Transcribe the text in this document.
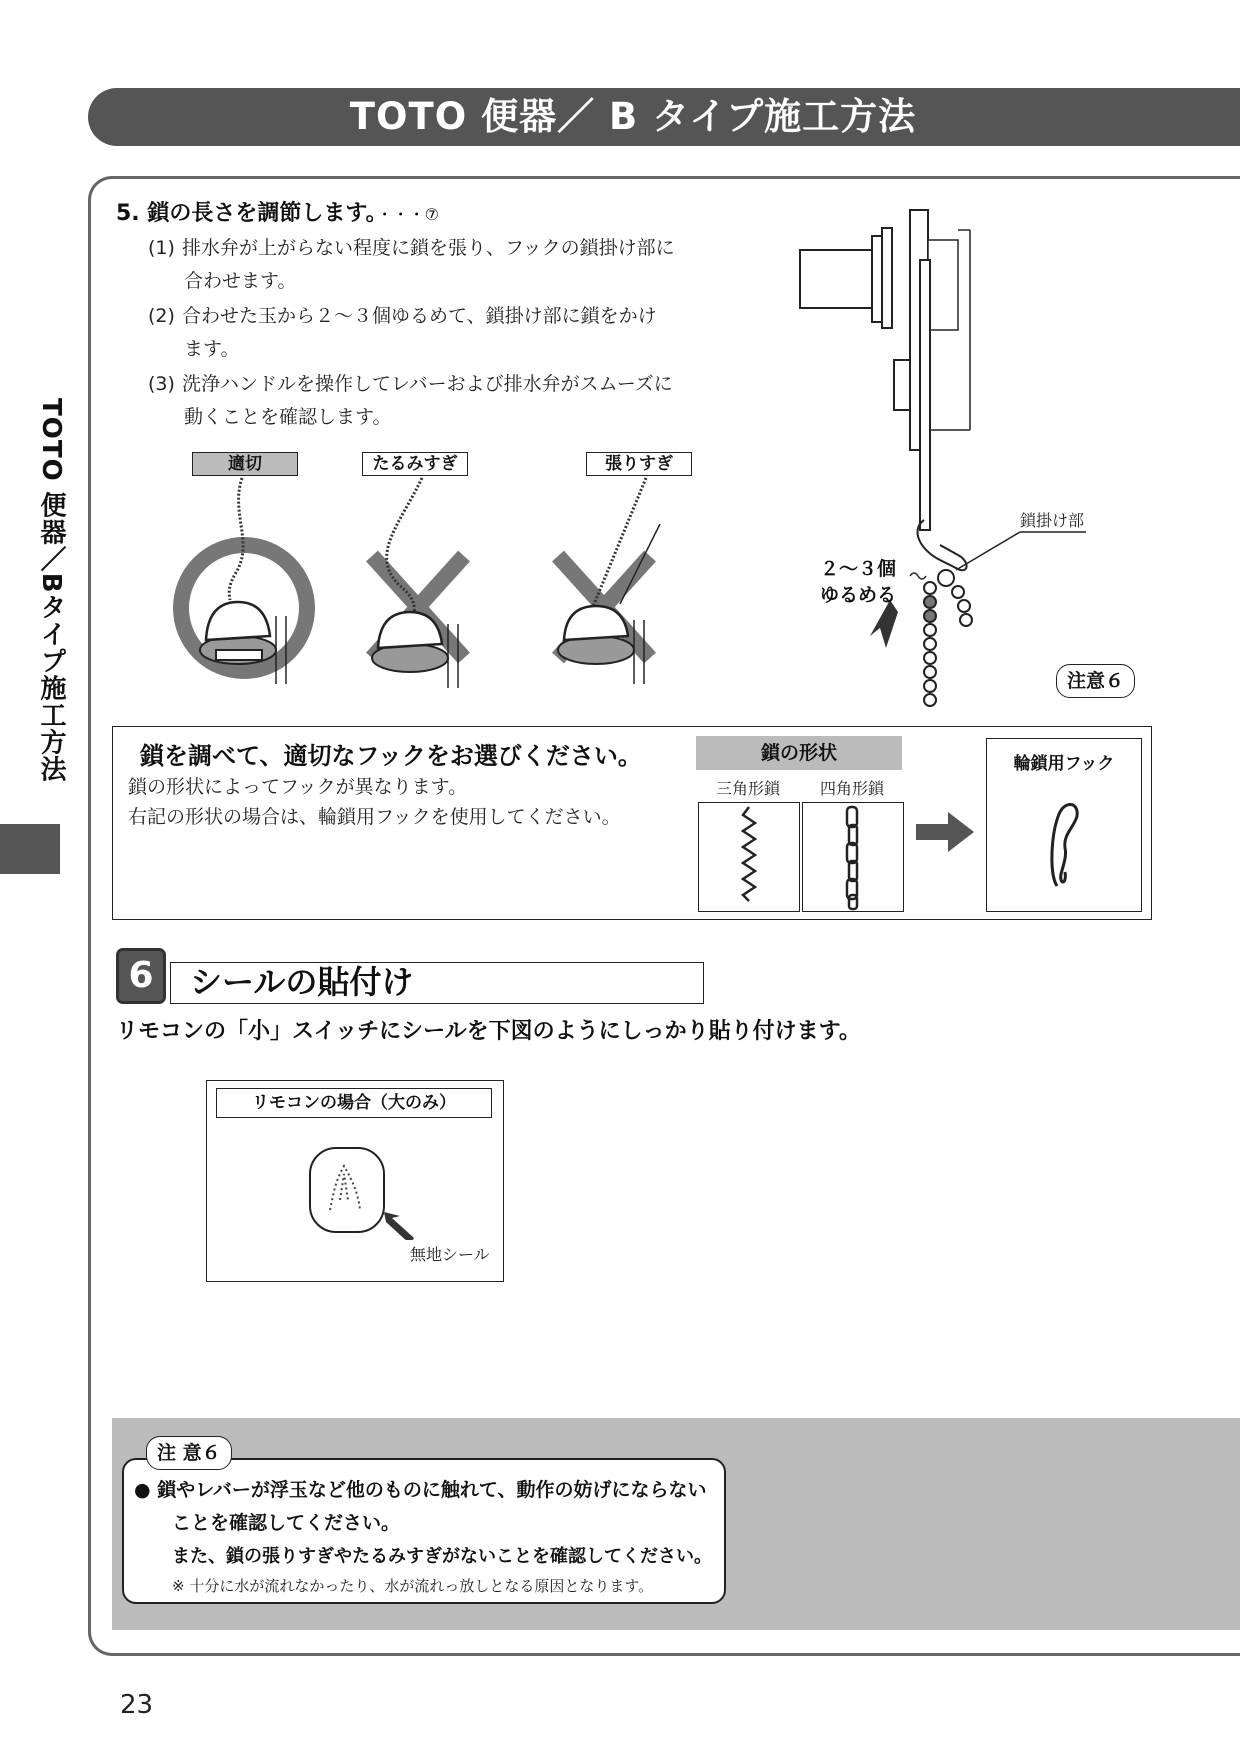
TOTO 便器／ B タイプ施工方法
TOTO 便器／Bタイプ施工方法
5. 鎖の長さを調節します。・・・⑦
(1) 排水弁が上がらない程度に鎖を張り、フックの鎖掛け部に
合わせます。
(2) 合わせた玉から２～３個ゆるめて、鎖掛け部に鎖をかけ
ます。
(3) 洗浄ハンドルを操作してレバーおよび排水弁がスムーズに
動くことを確認します。
適切	たるみすぎ	張りすぎ
鎖掛け部
２～３個
ゆるめる
注意６
鎖を調べて、適切なフックをお選びください。
鎖の形状によってフックが異なります。
右記の形状の場合は、輪鎖用フックを使用してください。
鎖の形状
三角形鎖	四角形鎖
輪鎖用フック
6	シールの貼付け
リモコンの「小」スイッチにシールを下図のようにしっかり貼り付けます。
リモコンの場合（大のみ）
無地シール
● 鎖やレバーが浮玉など他のものに触れて、動作の妨げにならない
ことを確認してください。
また、鎖の張りすぎやたるみすぎがないことを確認してください。
※ 十分に水が流れなかったり、水が流れっ放しとなる原因となります。
注 意６
23
